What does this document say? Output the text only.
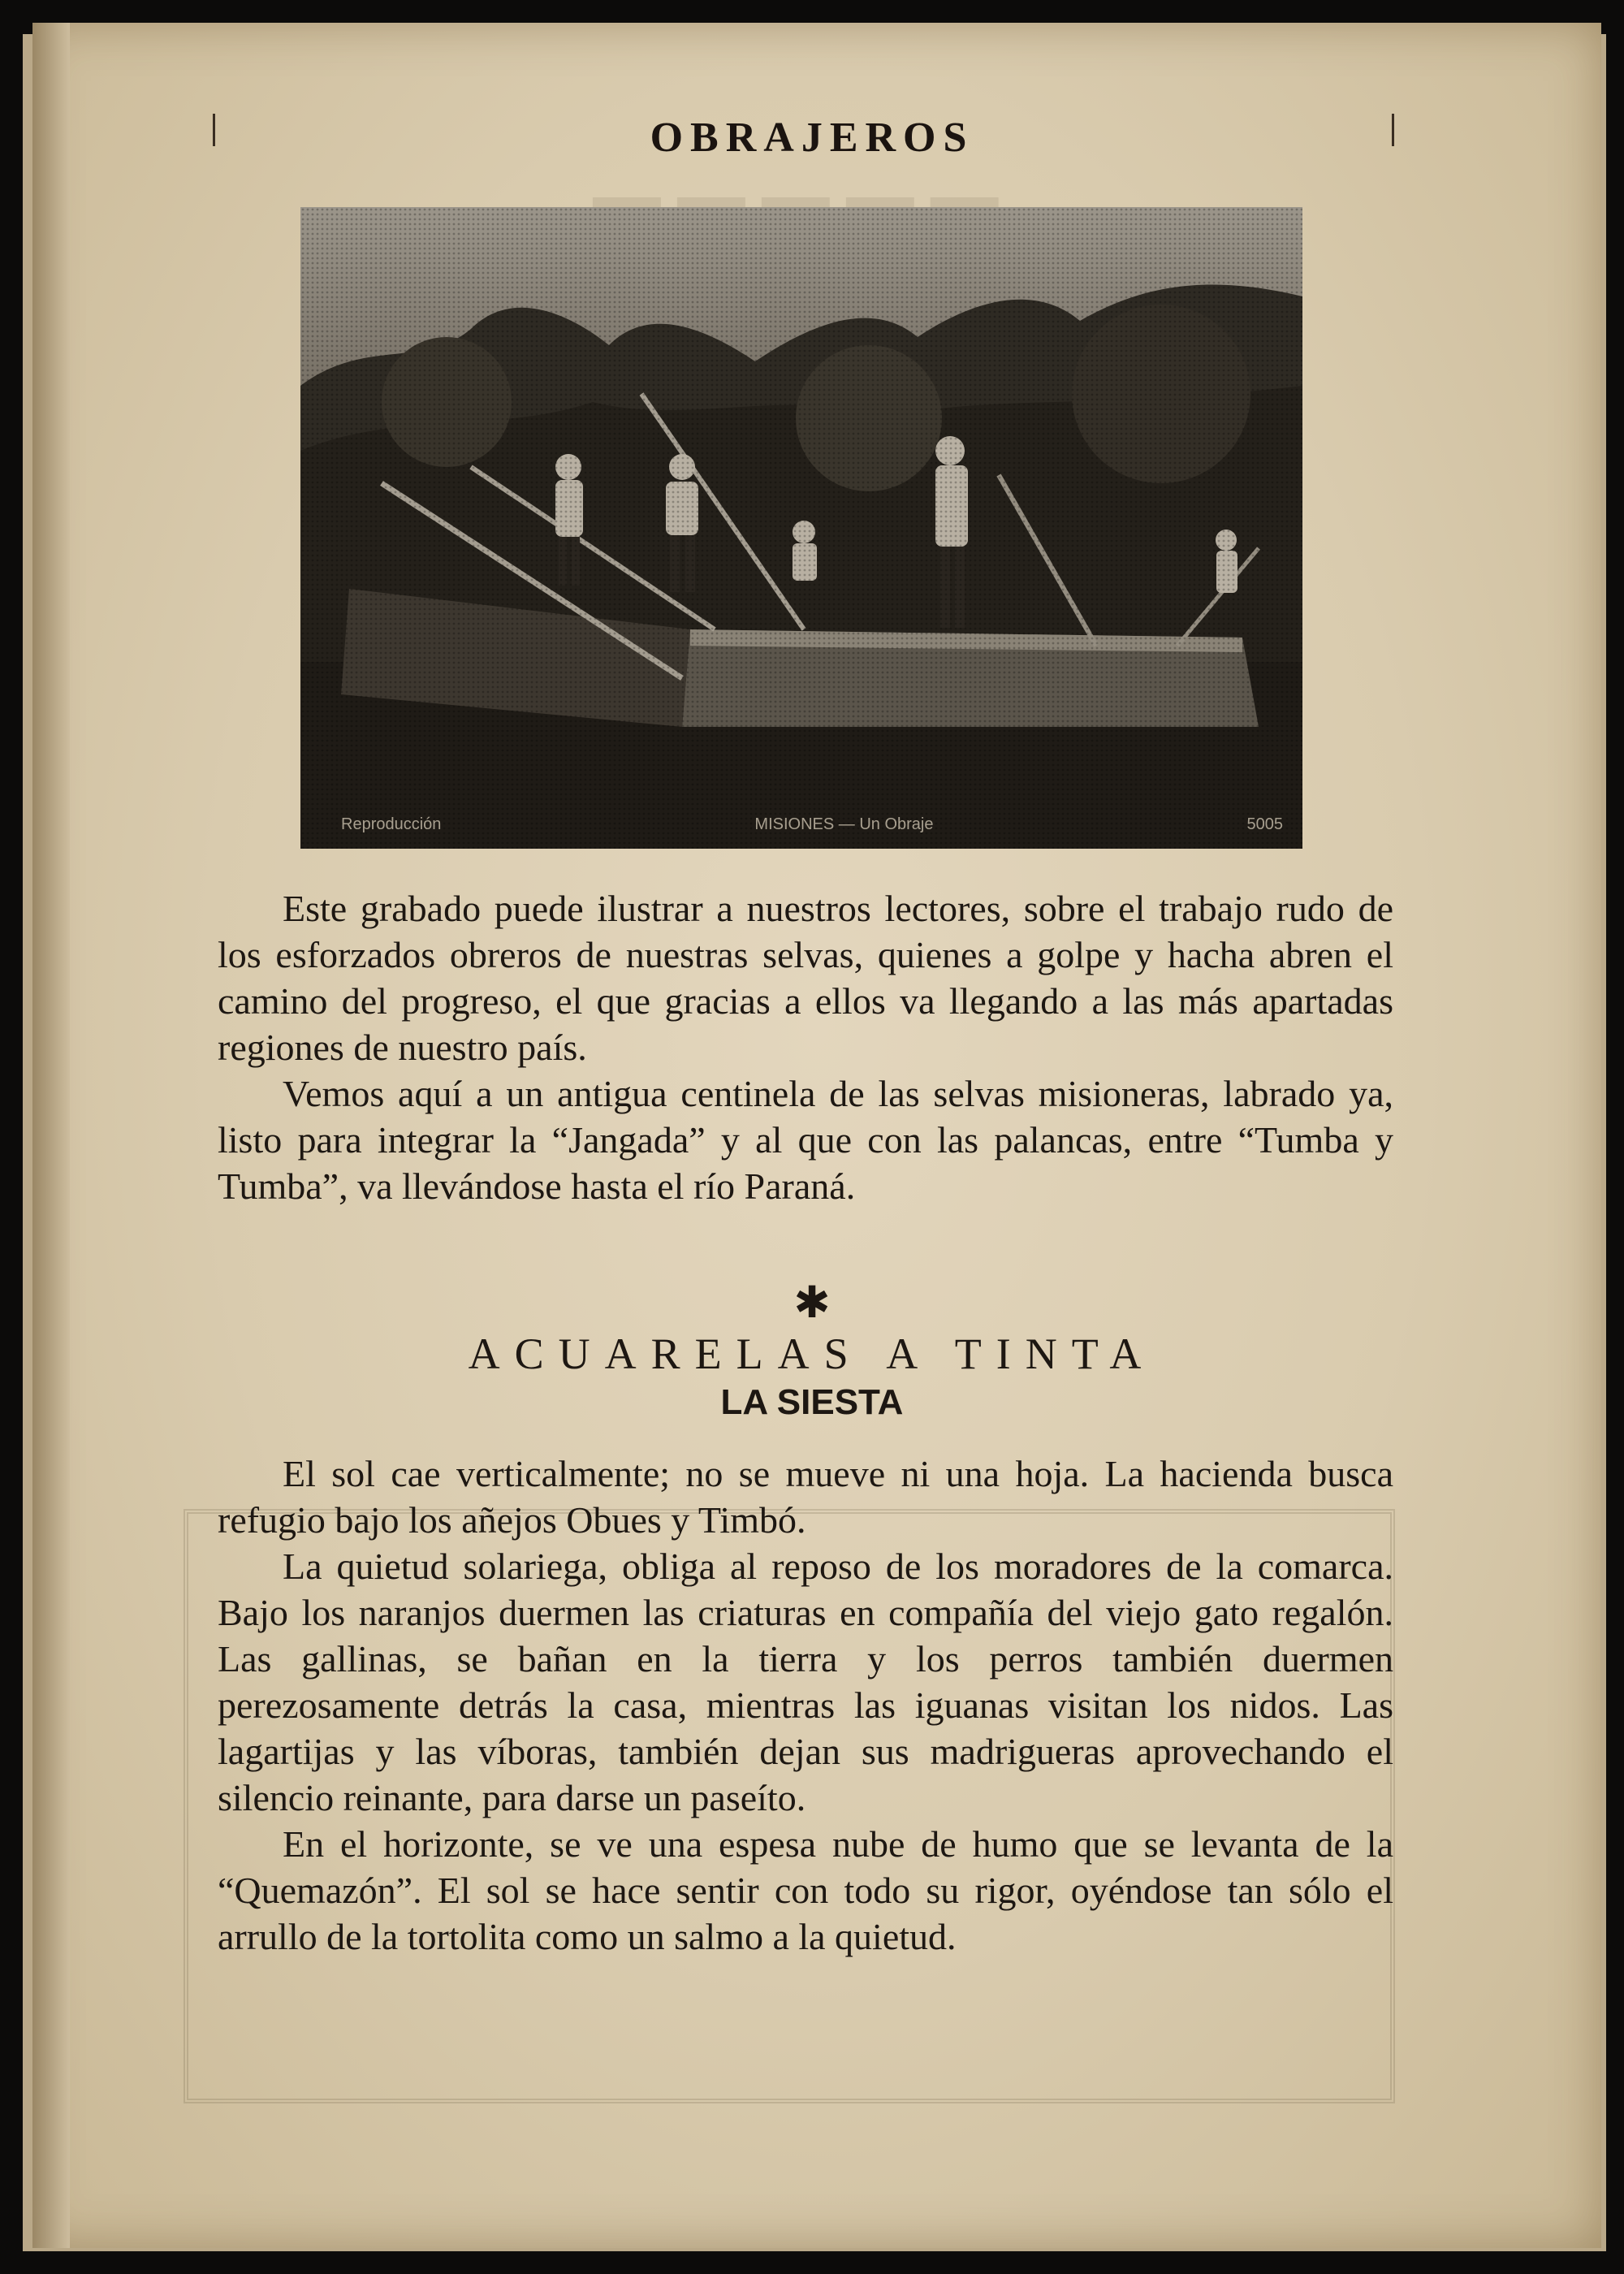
OBRAJEROS
Reproducción	MISIONES — Un Obraje	5005

Este grabado puede ilustrar a nuestros lectores, sobre el trabajo rudo de los esforzados obreros de nuestras selvas, quienes a golpe y hacha abren el camino del progreso, el que gracias a ellos va llegando a las más apartadas regiones de nuestro país.

Vemos aquí a un antigua centinela de las selvas misioneras, labrado ya, listo para integrar la “Jangada” y al que con las palancas, entre “Tumba y Tumba”, va llevándose hasta el río Paraná.

✱
ACUARELAS A TINTA
LA SIESTA

El sol cae verticalmente; no se mueve ni una hoja. La hacienda busca refugio bajo los añejos Obues y Timbó.

La quietud solariega, obliga al reposo de los moradores de la comarca. Bajo los naranjos duermen las criaturas en compañía del viejo gato regalón. Las gallinas, se bañan en la tierra y los perros también duermen perezosamente detrás la casa, mientras las iguanas visitan los nidos. Las lagartijas y las víboras, también dejan sus madrigueras aprovechando el silencio reinante, para darse un paseíto.

En el horizonte, se ve una espesa nube de humo que se levanta de la “Quemazón”. El sol se hace sentir con todo su rigor, oyéndose tan sólo el arrullo de la tortolita como un salmo a la quietud.
